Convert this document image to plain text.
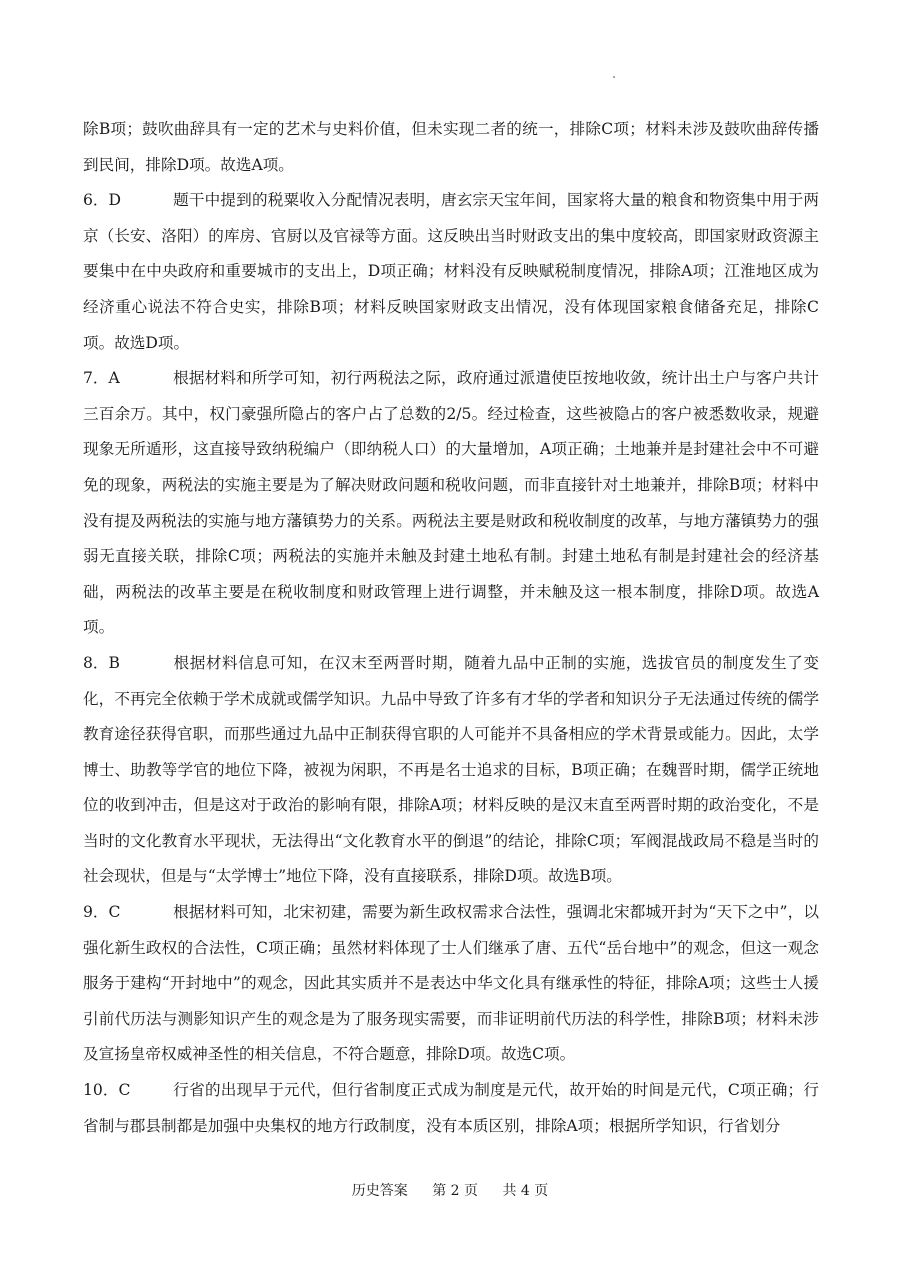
除B项；鼓吹曲辞具有一定的艺术与史料价值，但未实现二者的统一，排除C项；材料未涉及鼓吹曲辞传播到民间，排除D项。故选A项。

6．D	题干中提到的税粟收入分配情况表明，唐玄宗天宝年间，国家将大量的粮食和物资集中用于两京（长安、洛阳）的库房、官厨以及官禄等方面。这反映出当时财政支出的集中度较高，即国家财政资源主要集中在中央政府和重要城市的支出上，D项正确；材料没有反映赋税制度情况，排除A项；江淮地区成为经济重心说法不符合史实，排除B项；材料反映国家财政支出情况，没有体现国家粮食储备充足，排除C项。故选D项。

7．A	根据材料和所学可知，初行两税法之际，政府通过派遣使臣按地收敛，统计出土户与客户共计三百余万。其中，权门豪强所隐占的客户占了总数的2/5。经过检查，这些被隐占的客户被悉数收录，规避现象无所遁形，这直接导致纳税编户（即纳税人口）的大量增加，A项正确；土地兼并是封建社会中不可避免的现象，两税法的实施主要是为了解决财政问题和税收问题，而非直接针对土地兼并，排除B项；材料中没有提及两税法的实施与地方藩镇势力的关系。两税法主要是财政和税收制度的改革，与地方藩镇势力的强弱无直接关联，排除C项；两税法的实施并未触及封建土地私有制。封建土地私有制是封建社会的经济基础，两税法的改革主要是在税收制度和财政管理上进行调整，并未触及这一根本制度，排除D项。故选A项。

8．B	根据材料信息可知，在汉末至两晋时期，随着九品中正制的实施，选拔官员的制度发生了变化，不再完全依赖于学术成就或儒学知识。九品中导致了许多有才华的学者和知识分子无法通过传统的儒学教育途径获得官职，而那些通过九品中正制获得官职的人可能并不具备相应的学术背景或能力。因此，太学博士、助教等学官的地位下降，被视为闲职，不再是名士追求的目标，B项正确；在魏晋时期，儒学正统地位的收到冲击，但是这对于政治的影响有限，排除A项；材料反映的是汉末直至两晋时期的政治变化，不是当时的文化教育水平现状，无法得出“文化教育水平的倒退”的结论，排除C项；军阀混战政局不稳是当时的社会现状，但是与“太学博士”地位下降，没有直接联系，排除D项。故选B项。

9．C	根据材料可知，北宋初建，需要为新生政权需求合法性，强调北宋都城开封为“天下之中”，以强化新生政权的合法性，C项正确；虽然材料体现了士人们继承了唐、五代“岳台地中”的观念，但这一观念服务于建构“开封地中”的观念，因此其实质并不是表达中华文化具有继承性的特征，排除A项；这些士人援引前代历法与测影知识产生的观念是为了服务现实需要，而非证明前代历法的科学性，排除B项；材料未涉及宣扬皇帝权威神圣性的相关信息，不符合题意，排除D项。故选C项。

10．C	行省的出现早于元代，但行省制度正式成为制度是元代，故开始的时间是元代，C项正确；行省制与郡县制都是加强中央集权的地方行政制度，没有本质区别，排除A项；根据所学知识，行省划分

历史答案 第 2 页 共 4 页
